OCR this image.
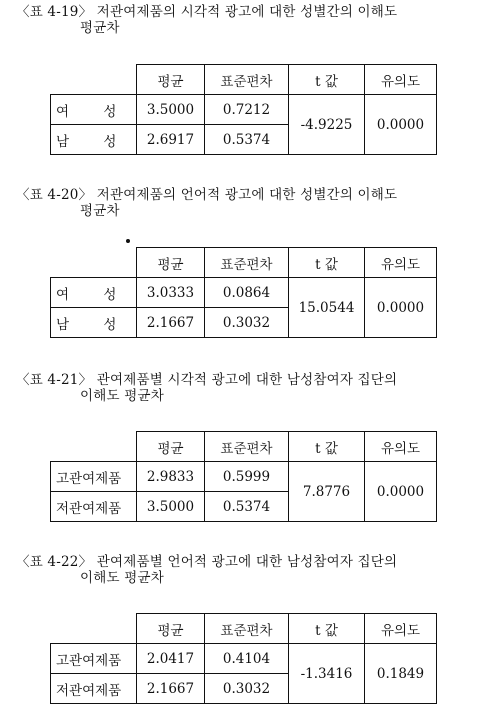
〈표 4-19〉 저관여제품의 시각적 광고에 대한 성별간의 이해도
평균차
	평균	표준편차	t 값	유의도
여        성	3.5000	0.7212	-4.9225	0.0000
남        성	2.6917	0.5374		
〈표 4-20〉 저관여제품의 언어적 광고에 대한 성별간의 이해도
평균차
	평균	표준편차	t 값	유의도
여        성	3.0333	0.0864	15.0544	0.0000
남        성	2.1667	0.3032		
〈표 4-21〉 관여제품별 시각적 광고에 대한 남성참여자 집단의
이해도 평균차
	평균	표준편차	t 값	유의도
고관여제품	2.9833	0.5999	7.8776	0.0000
저관여제품	3.5000	0.5374		
〈표 4-22〉 관여제품별 언어적 광고에 대한 남성참여자 집단의
이해도 평균차
	평균	표준편차	t 값	유의도
고관여제품	2.0417	0.4104	-1.3416	0.1849
저관여제품	2.1667	0.3032		
